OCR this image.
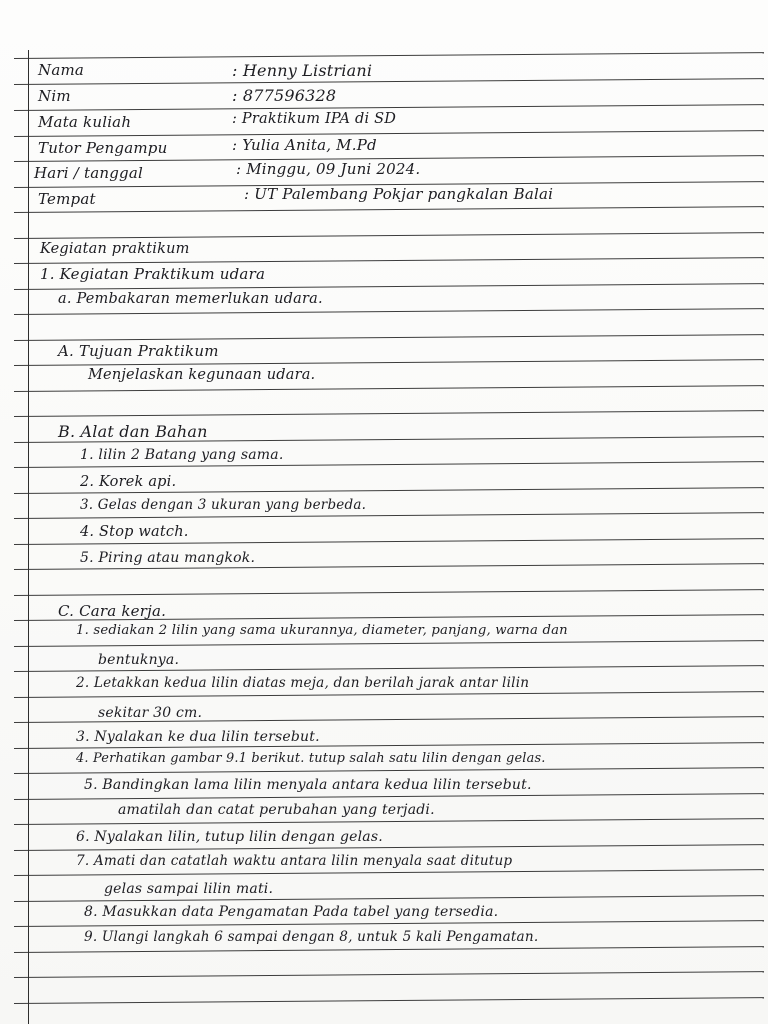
Nama	: Henny Listriani
Nim	: 877596328
Mata kuliah	: Praktikum IPA di SD
Tutor Pengampu	: Yulia Anita, M.Pd
Hari / tanggal	: Minggu, 09 Juni 2024.
Tempat	: UT Palembang Pokjar pangkalan Balai
Kegiatan praktikum
1. Kegiatan Praktikum udara
a. Pembakaran memerlukan udara.
A. Tujuan Praktikum
Menjelaskan kegunaan udara.
B. Alat dan Bahan
1. lilin 2 Batang yang sama.
2. Korek api.
3. Gelas dengan 3 ukuran yang berbeda.
4. Stop watch.
5. Piring atau mangkok.
C. Cara kerja.
1. sediakan 2 lilin yang sama ukurannya, diameter, panjang, warna dan
bentuknya.
2. Letakkan kedua lilin diatas meja, dan berilah jarak antar lilin
sekitar 30 cm.
3. Nyalakan ke dua lilin tersebut.
4. Perhatikan gambar 9.1 berikut. tutup salah satu lilin dengan gelas.
5. Bandingkan lama lilin menyala antara kedua lilin tersebut.
amatilah dan catat perubahan yang terjadi.
6. Nyalakan lilin, tutup lilin dengan gelas.
7. Amati dan catatlah waktu antara lilin menyala saat ditutup
gelas sampai lilin mati.
8. Masukkan data Pengamatan Pada tabel yang tersedia.
9. Ulangi langkah 6 sampai dengan 8, untuk 5 kali Pengamatan.
